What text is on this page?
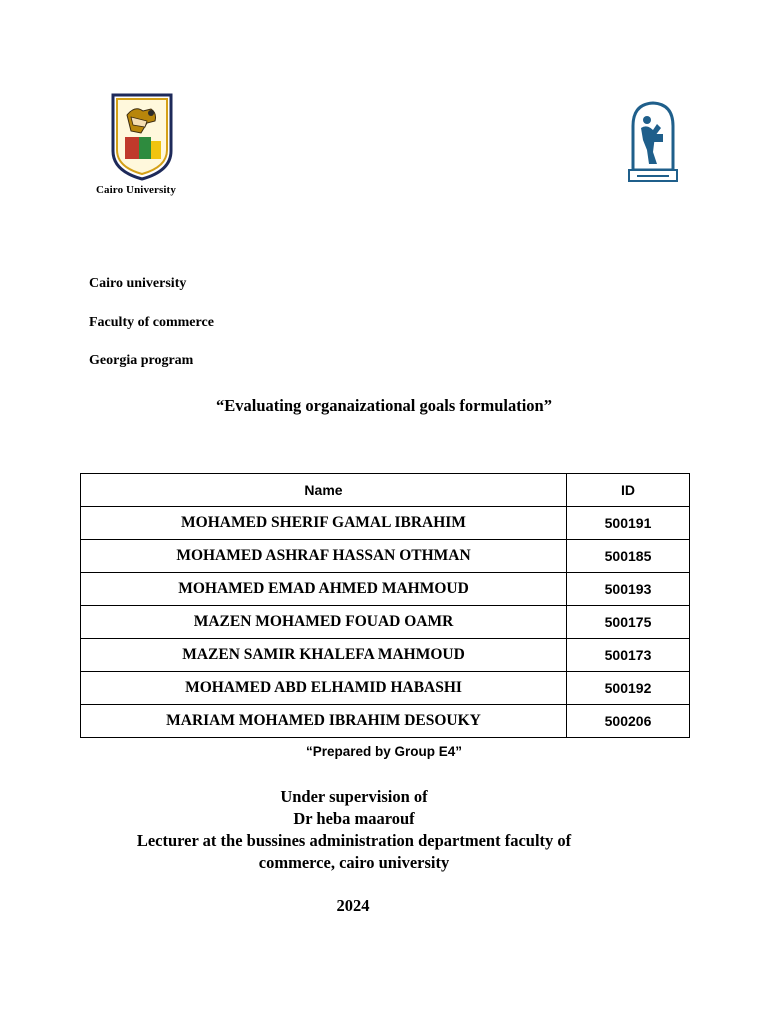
Cairo University
Cairo university
Faculty of commerce
Georgia program
“Evaluating organaizational goals formulation”
Name	ID
MOHAMED SHERIF GAMAL IBRAHIM	500191
MOHAMED ASHRAF HASSAN OTHMAN	500185
MOHAMED EMAD AHMED MAHMOUD	500193
MAZEN MOHAMED FOUAD OAMR	500175
MAZEN SAMIR KHALEFA MAHMOUD	500173
MOHAMED ABD ELHAMID HABASHI	500192
MARIAM MOHAMED IBRAHIM DESOUKY	500206
“Prepared by Group E4”
Under supervision of
Dr heba maarouf
Lecturer at the bussines administration department faculty of
commerce, cairo university
2024
